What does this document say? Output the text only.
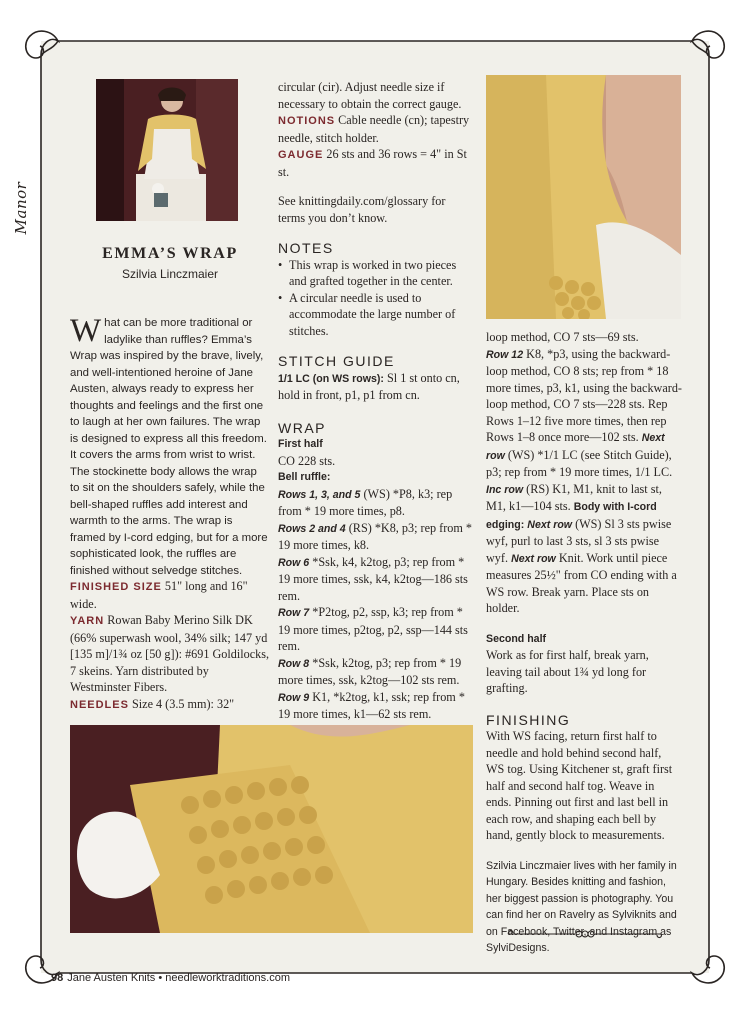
Manor
EMMA’S WRAP
Szilvia Linczmaier
What can be more traditional or ladylike than ruffles? Emma’s Wrap was inspired by the brave, lively, and well-intentioned heroine of Jane Austen, always ready to express her thoughts and feelings and the first one to laugh at her own failures. The wrap is designed to express all this freedom. It covers the arms from wrist to wrist. The stockinette body allows the wrap to sit on the shoulders safely, while the bell-shaped ruffles add interest and warmth to the arms. The wrap is framed by I-cord edging, but for a more sophisticated look, the ruffles are finished without selvedge stitches.

FINISHED SIZE 51" long and 16" wide.

YARN Rowan Baby Merino Silk DK (66% superwash wool, 34% silk; 147 yd [135 m]/1¾ oz [50 g]): #691 Goldilocks, 7 skeins. Yarn distributed by Westminster Fibers.

NEEDLES Size 4 (3.5 mm): 32"

circular (cir). Adjust needle size if necessary to obtain the correct gauge.

NOTIONS Cable needle (cn); tapestry needle, stitch holder.

GAUGE 26 sts and 36 rows = 4" in St st.

See knittingdaily.com/glossary for terms you don’t know.

NOTES
• This wrap is worked in two pieces and grafted together in the center.
• A circular needle is used to accommodate the large number of stitches.
STITCH GUIDE

1/1 LC (on WS rows): Sl 1 st onto cn, hold in front, p1, p1 from cn.

WRAP
First half

CO 228 sts.

Bell ruffle:

Rows 1, 3, and 5 (WS) *P8, k3; rep from * 19 more times, p8.

Rows 2 and 4 (RS) *K8, p3; rep from * 19 more times, k8.

Row 6 *Ssk, k4, k2tog, p3; rep from * 19 more times, ssk, k4, k2tog—186 sts rem.

Row 7 *P2tog, p2, ssp, k3; rep from * 19 more times, p2tog, p2, ssp—144 sts rem.

Row 8 *Ssk, k2tog, p3; rep from * 19 more times, ssk, k2tog—102 sts rem.

Row 9 K1, *k2tog, k1, ssk; rep from * 19 more times, k1—62 sts rem.

loop method, CO 7 sts—69 sts.

Row 12 K8, *p3, using the backward-loop method, CO 8 sts; rep from * 18 more times, p3, k1, using the backward-loop method, CO 7 sts—228 sts. Rep Rows 1–12 five more times, then rep Rows 1–8 once more—102 sts. Next row (WS) *1/1 LC (see Stitch Guide), p3; rep from * 19 more times, 1/1 LC. Inc row (RS) K1, M1, knit to last st, M1, k1—104 sts. Body with I-cord edging: Next row (WS) Sl 3 sts pwise wyf, purl to last 3 sts, sl 3 sts pwise wyf. Next row Knit. Work until piece measures 25½" from CO ending with a WS row. Break yarn. Place sts on holder.

Second half

Work as for first half, break yarn, leaving tail about 1¾ yd long for grafting.

FINISHING

With WS facing, return first half to needle and hold behind second half, WS tog. Using Kitchener st, graft first half and second half tog. Weave in ends. Pinning out first and last bell in each row, and shaping each bell by hand, gently block to measurements.

Szilvia Linczmaier lives with her family in Hungary. Besides knitting and fashion, her biggest passion is photography. You can find her on Ravelry as Sylviknits and on Facebook, Twitter, and Instagram as SylviDesigns.

98 Jane Austen Knits • needleworktraditions.com
